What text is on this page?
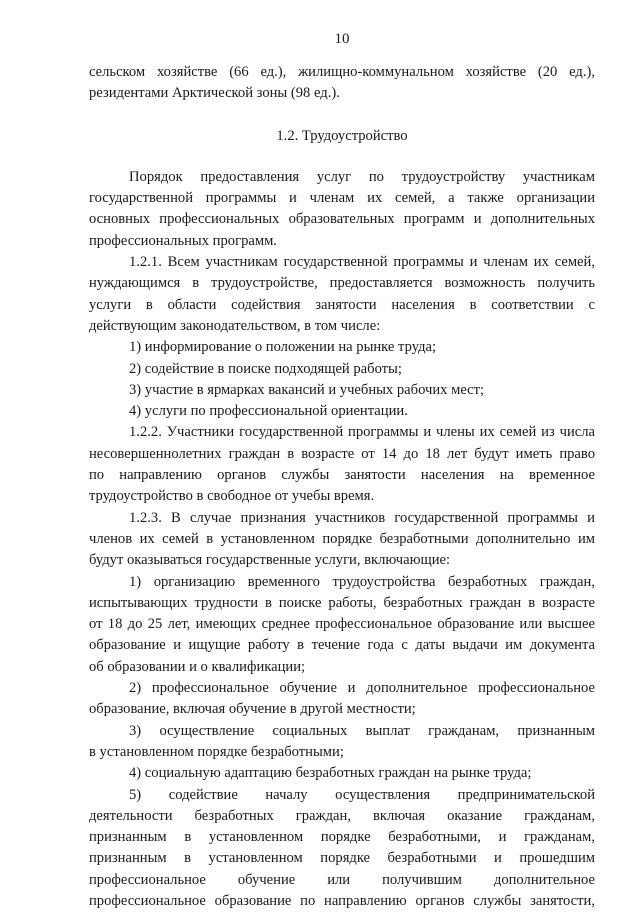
10
сельском хозяйстве (66 ед.), жилищно-коммунальном хозяйстве (20 ед.),
резидентами Арктической зоны (98 ед.).
1.2. Трудоустройство
Порядок предоставления услуг по трудоустройству участникам
государственной программы и членам их семей, а также организации
основных профессиональных образовательных программ и дополнительных
профессиональных программ.
1.2.1. Всем участникам государственной программы и членам их семей,
нуждающимся в трудоустройстве, предоставляется возможность получить
услуги в области содействия занятости населения в соответствии с
действующим законодательством, в том числе:
1) информирование о положении на рынке труда;
2) содействие в поиске подходящей работы;
3) участие в ярмарках вакансий и учебных рабочих мест;
4) услуги по профессиональной ориентации.
1.2.2. Участники государственной программы и члены их семей из числа
несовершеннолетних граждан в возрасте от 14 до 18 лет будут иметь право
по направлению органов службы занятости населения на временное
трудоустройство в свободное от учебы время.
1.2.3. В случае признания участников государственной программы и
членов их семей в установленном порядке безработными дополнительно им
будут оказываться государственные услуги, включающие:
1) организацию временного трудоустройства безработных граждан,
испытывающих трудности в поиске работы, безработных граждан в возрасте
от 18 до 25 лет, имеющих среднее профессиональное образование или высшее
образование и ищущие работу в течение года с даты выдачи им документа
об образовании и о квалификации;
2) профессиональное обучение и дополнительное профессиональное
образование, включая обучение в другой местности;
3) осуществление социальных выплат гражданам, признанным
в установленном порядке безработными;
4) социальную адаптацию безработных граждан на рынке труда;
5) содействие началу осуществления предпринимательской
деятельности безработных граждан, включая оказание гражданам,
признанным в установленном порядке безработными, и гражданам,
признанным в установленном порядке безработными и прошедшим
профессиональное обучение или получившим дополнительное
профессиональное образование по направлению органов службы занятости,
